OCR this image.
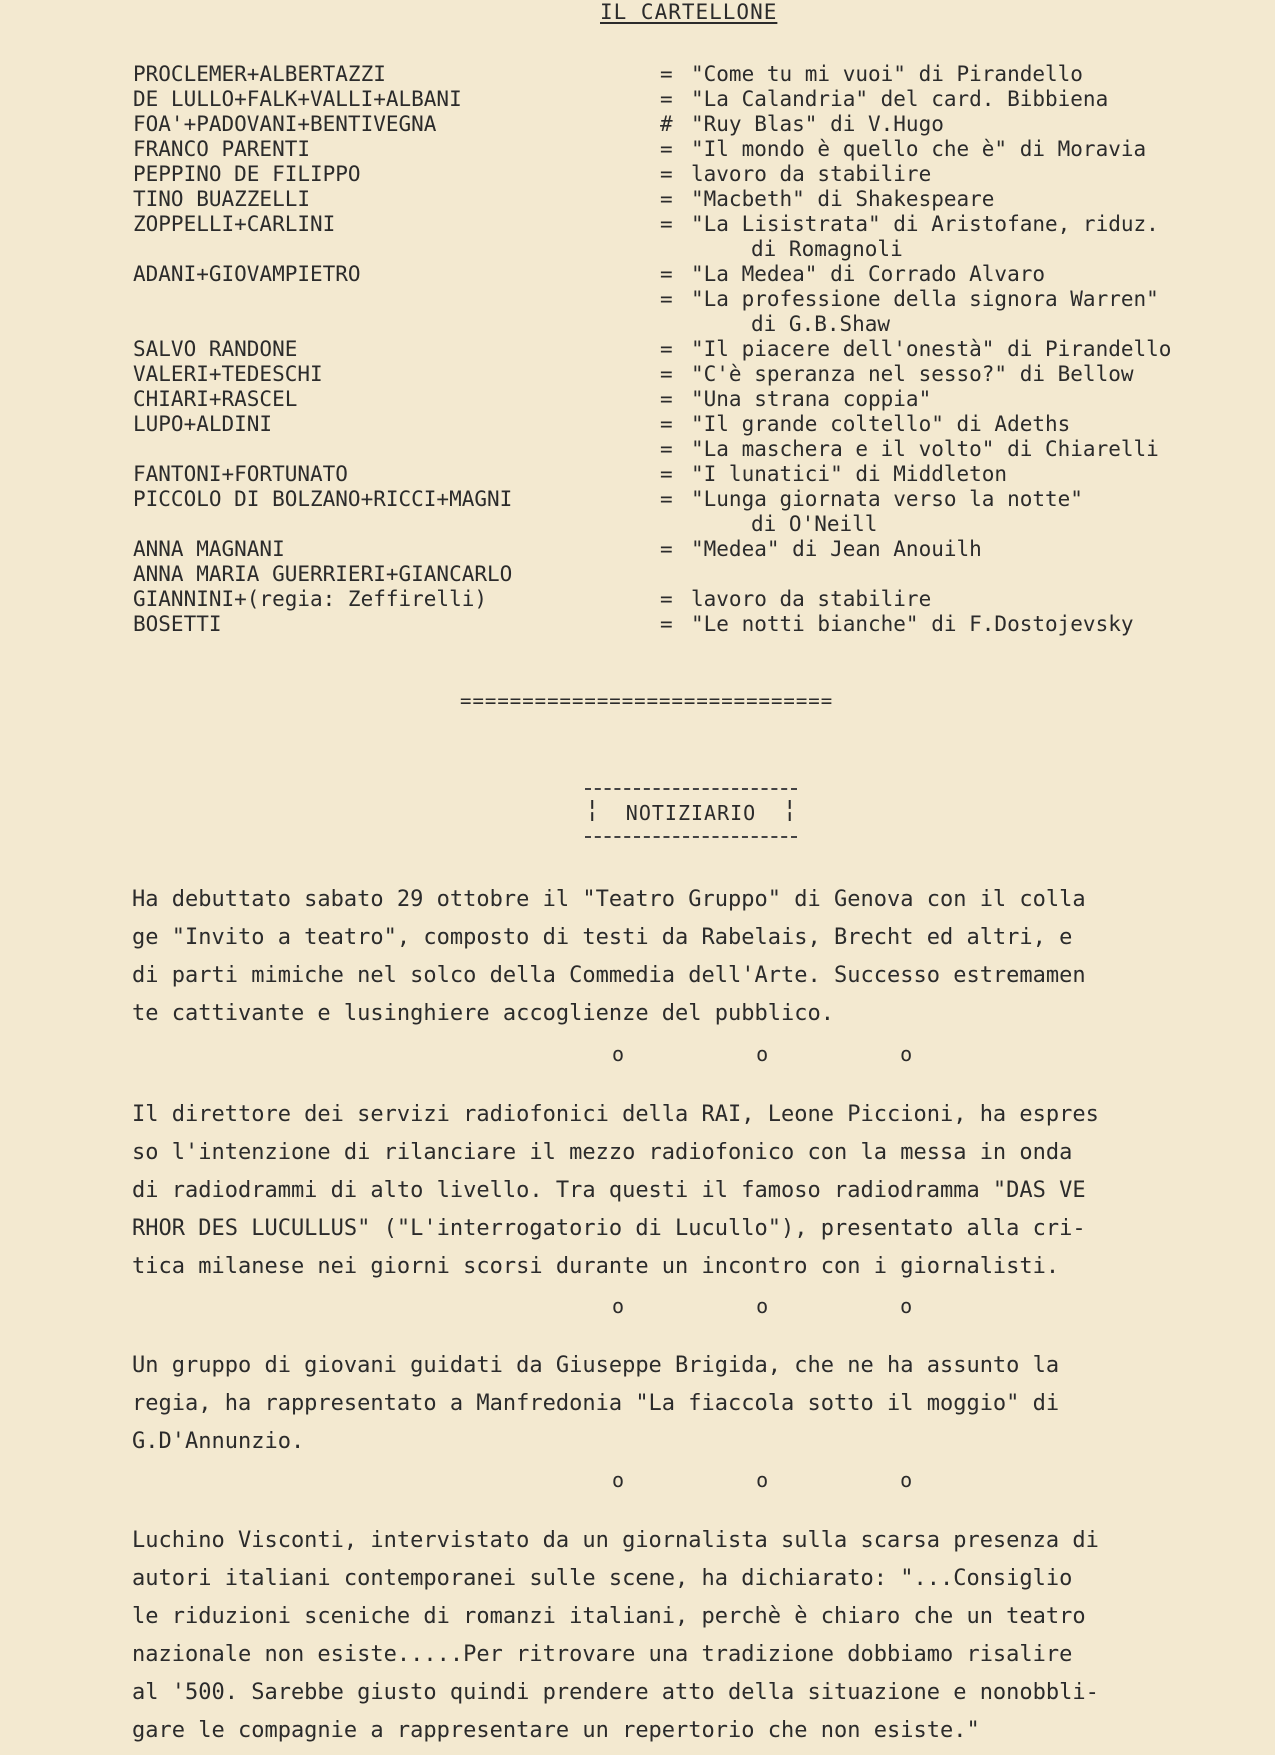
IL CARTELLONE
PROCLEMER+ALBERTAZZI	= "Come tu mi vuoi" di Pirandello
DE LULLO+FALK+VALLI+ALBANI	= "La Calandria" del card. Bibbiena
FOA'+PADOVANI+BENTIVEGNA	# "Ruy Blas" di V.Hugo
FRANCO PARENTI	= "Il mondo è quello che è" di Moravia
PEPPINO DE FILIPPO	= lavoro da stabilire
TINO BUAZZELLI	= "Macbeth" di Shakespeare
ZOPPELLI+CARLINI	= "La Lisistrata" di Aristofane, riduz.
di Romagnoli
ADANI+GIOVAMPIETRO	= "La Medea" di Corrado Alvaro
= "La professione della signora Warren"
di G.B.Shaw
SALVO RANDONE	= "Il piacere dell'onestà" di Pirandello
VALERI+TEDESCHI	= "C'è speranza nel sesso?" di Bellow
CHIARI+RASCEL	= "Una strana coppia"
LUPO+ALDINI	= "Il grande coltello" di Adeths
= "La maschera e il volto" di Chiarelli
FANTONI+FORTUNATO	= "I lunatici" di Middleton
PICCOLO DI BOLZANO+RICCI+MAGNI	= "Lunga giornata verso la notte"
di O'Neill
ANNA MAGNANI	= "Medea" di Jean Anouilh
ANNA MARIA GUERRIERI+GIANCARLO
GIANNINI+(regia: Zeffirelli)	= lavoro da stabilire
BOSETTI	= "Le notti bianche" di F.Dostojevsky
==============================
¦ NOTIZIARIO ¦

Ha debuttato sabato 29 ottobre il "Teatro Gruppo" di Genova con il colla

ge "Invito a teatro", composto di testi da Rabelais, Brecht ed altri, e

di parti mimiche nel solco della Commedia dell'Arte. Successo estremamen

te cattivante e lusinghiere accoglienze del pubblico.

o o o

Il direttore dei servizi radiofonici della RAI, Leone Piccioni, ha espres

so l'intenzione di rilanciare il mezzo radiofonico con la messa in onda

di radiodrammi di alto livello. Tra questi il famoso radiodramma "DAS VE

RHOR DES LUCULLUS" ("L'interrogatorio di Lucullo"), presentato alla cri-

tica milanese nei giorni scorsi durante un incontro con i giornalisti.

o o o

Un gruppo di giovani guidati da Giuseppe Brigida, che ne ha assunto la

regia, ha rappresentato a Manfredonia "La fiaccola sotto il moggio" di

G.D'Annunzio.

o o o

Luchino Visconti, intervistato da un giornalista sulla scarsa presenza di

autori italiani contemporanei sulle scene, ha dichiarato: "...Consiglio

le riduzioni sceniche di romanzi italiani, perchè è chiaro che un teatro

nazionale non esiste.....Per ritrovare una tradizione dobbiamo risalire

al '500. Sarebbe giusto quindi prendere atto della situazione e nonobbli-

gare le compagnie a rappresentare un repertorio che non esiste."
